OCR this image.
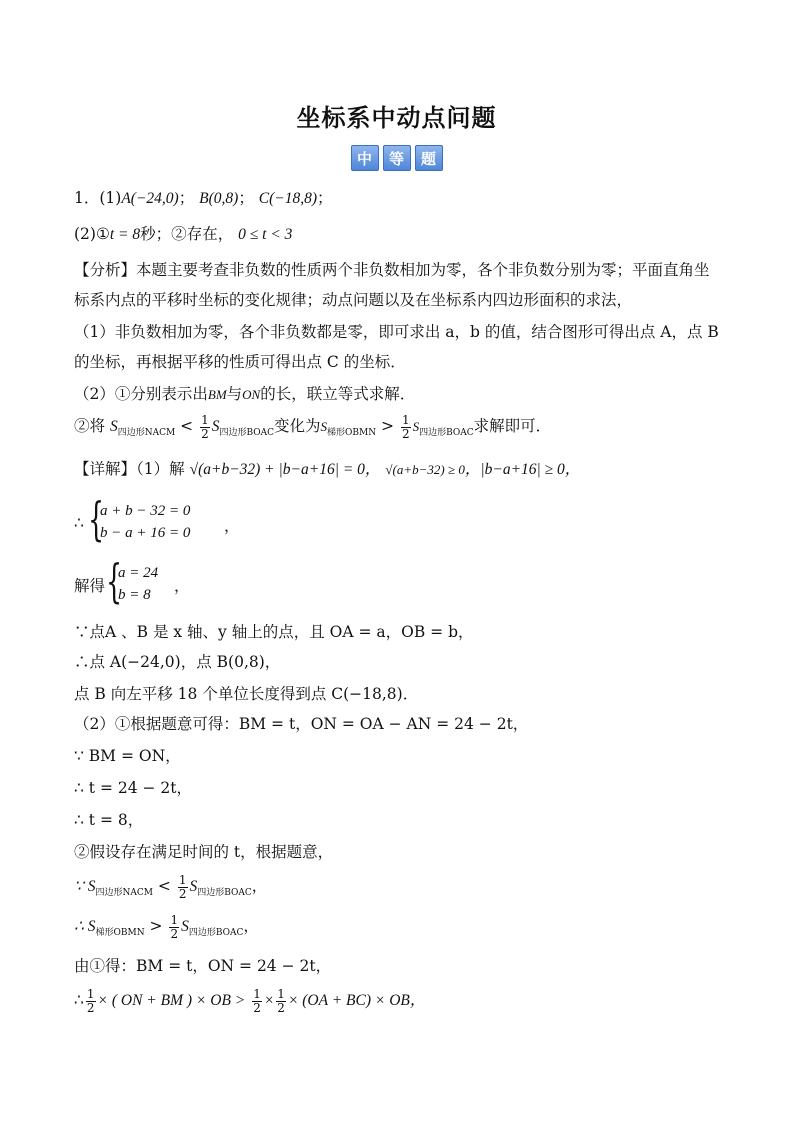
坐标系中动点问题
中	等	题
1．(1)A(−24,0)； B(0,8)； C(−18,8)；
(2)①t = 8秒；②存在， 0 ≤ t < 3
【分析】本题主要考查非负数的性质两个非负数相加为零，各个非负数分别为零；平面直角坐
标系内点的平移时坐标的变化规律；动点问题以及在坐标系内四边形面积的求法，
（1）非负数相加为零，各个非负数都是零，即可求出 a，b 的值，结合图形可得出点 A，点 B
的坐标，再根据平移的性质可得出点 C 的坐标．
（2）①分别表示出BM与ON的长，联立等式求解．
②将 $S_{四边形NACM} < \frac{1}{2} S_{四边形BOAC}$变化为$S_{梯形OBMN} > \frac{1}{2} S_{四边形BOAC}$求解即可．
【详解】（1）解 √(a+b−32) + |b−a+16| = 0， √(a+b−32) ≥ 0，|b−a+16| ≥ 0，
∴ {
a + b − 32 = 0
b − a + 16 = 0 ，
解得 {
a = 24
b = 8	，
∵点A 、B 是 x 轴、y 轴上的点，且 OA = a，OB = b，
∴点 A(−24,0)，点 B(0,8)，
点 B 向左平移 18 个单位长度得到点 C(−18,8)．
（2）①根据题意可得：BM = t，ON = OA − AN = 24 − 2t，
∵ BM = ON，
∴ t = 24 − 2t，
∴ t = 8，
②假设存在满足时间的 t，根据题意，
∵ $S_{四边形NACM} < \frac{1}{2} S_{四边形BOAC}$，
∴ $S_{梯形OBMN} > \frac{1}{2} S_{四边形BOAC}$，
由①得：BM = t，ON = 24 − 2t，
∴ $\frac{1}{2}$ × ( ON + BM ) × OB > $\frac{1}{2} \times \frac{1}{2} \times (OA + BC)$ × OB，
